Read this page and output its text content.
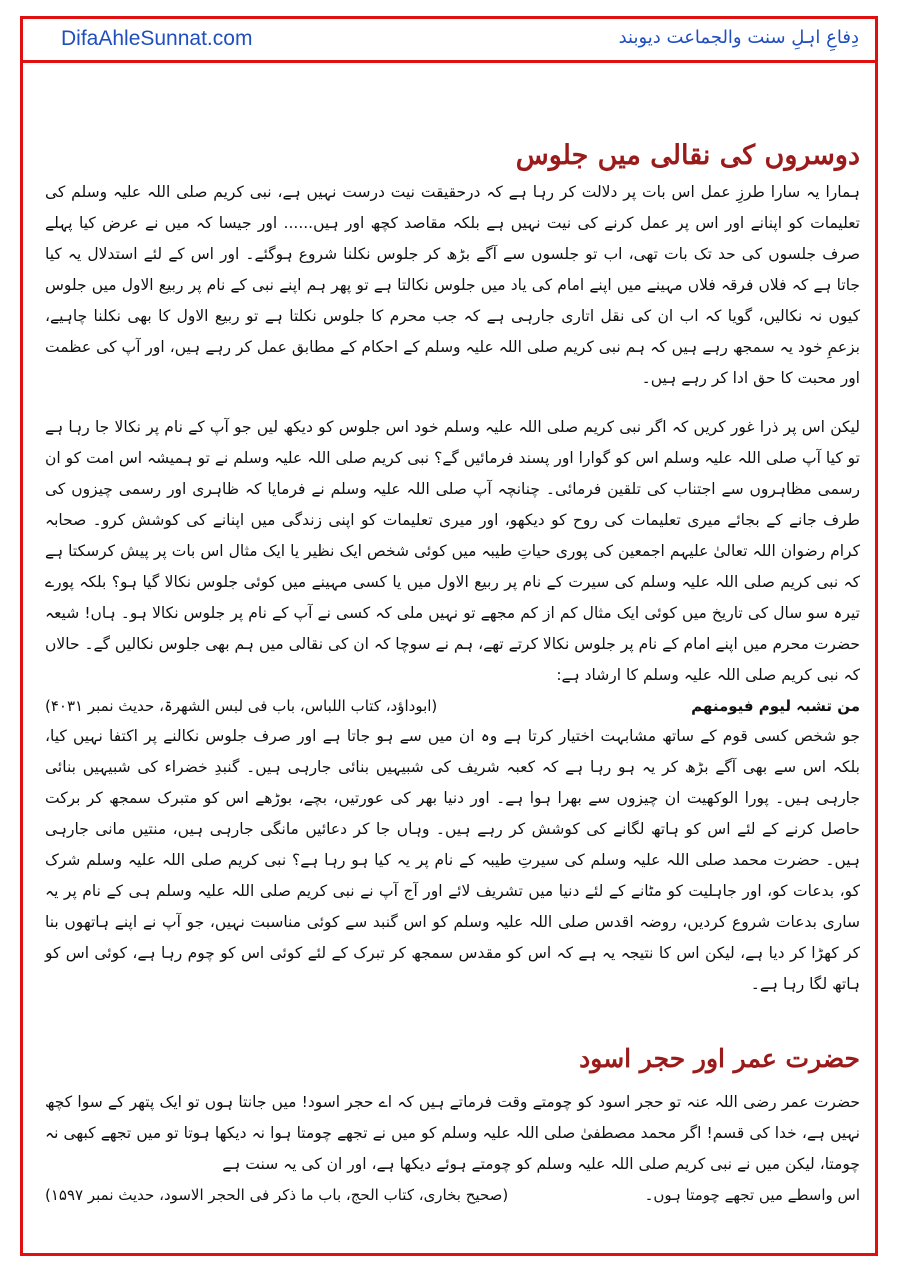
DifaAhleSunnat.com	دِفاعِ اہلِ سنت والجماعت دیوبند
دوسروں کی نقالی میں جلوس

ہمارا یہ سارا طرزِ عمل اس بات پر دلالت کر رہا ہے کہ درحقیقت نیت درست نہیں ہے، نبی کریم صلی اللہ علیہ وسلم کی تعلیمات کو اپنانے اور اس پر عمل کرنے کی نیت نہیں ہے بلکہ مقاصد کچھ اور ہیں...... اور جیسا کہ میں نے عرض کیا پہلے صرف جلسوں کی حد تک بات تھی، اب تو جلسوں سے آگے بڑھ کر جلوس نکلنا شروع ہوگئے۔ اور اس کے لئے استدلال یہ کیا جاتا ہے کہ فلاں فرقہ فلاں مہینے میں اپنے امام کی یاد میں جلوس نکالتا ہے تو پھر ہم اپنے نبی کے نام پر ربیع الاول میں جلوس کیوں نہ نکالیں، گویا کہ اب ان کی نقل اتاری جارہی ہے کہ جب محرم کا جلوس نکلتا ہے تو ربیع الاول کا بھی نکلنا چاہیے، بزعمِ خود یہ سمجھ رہے ہیں کہ ہم نبی کریم صلی اللہ علیہ وسلم کے احکام کے مطابق عمل کر رہے ہیں، اور آپ کی عظمت اور محبت کا حق ادا کر رہے ہیں۔

لیکن اس پر ذرا غور کریں کہ اگر نبی کریم صلی اللہ علیہ وسلم خود اس جلوس کو دیکھ لیں جو آپ کے نام پر نکالا جا رہا ہے تو کیا آپ صلی اللہ علیہ وسلم اس کو گوارا اور پسند فرمائیں گے؟ نبی کریم صلی اللہ علیہ وسلم نے تو ہمیشہ اس امت کو ان رسمی مظاہروں سے اجتناب کی تلقین فرمائی۔ چنانچہ آپ صلی اللہ علیہ وسلم نے فرمایا کہ ظاہری اور رسمی چیزوں کی طرف جانے کے بجائے میری تعلیمات کی روح کو دیکھو، اور میری تعلیمات کو اپنی زندگی میں اپنانے کی کوشش کرو۔ صحابہ کرام رضوان اللہ تعالیٰ علیہم اجمعین کی پوری حیاتِ طیبہ میں کوئی شخص ایک نظیر یا ایک مثال اس بات پر پیش کرسکتا ہے کہ نبی کریم صلی اللہ علیہ وسلم کی سیرت کے نام پر ربیع الاول میں یا کسی مہینے میں کوئی جلوس نکالا گیا ہو؟ بلکہ پورے تیرہ سو سال کی تاریخ میں کوئی ایک مثال کم از کم مجھے تو نہیں ملی کہ کسی نے آپ کے نام پر جلوس نکالا ہو۔ ہاں! شیعہ حضرت محرم میں اپنے امام کے نام پر جلوس نکالا کرتے تھے، ہم نے سوچا کہ ان کی نقالی میں ہم بھی جلوس نکالیں گے۔ حالاں کہ نبی کریم صلی اللہ علیہ وسلم کا ارشاد ہے:

من تشبہ لیوم فیومنھم
(ابوداؤد، کتاب اللباس، باب فی لبس الشھرۃ، حدیث نمبر ۴۰۳۱)

جو شخص کسی قوم کے ساتھ مشابہت اختیار کرتا ہے وہ ان میں سے ہو جاتا ہے اور صرف جلوس نکالنے پر اکتفا نہیں کیا، بلکہ اس سے بھی آگے بڑھ کر یہ ہو رہا ہے کہ کعبہ شریف کی شبیہیں بنائی جارہی ہیں۔ گنبدِ خضراء کی شبیہیں بنائی جارہی ہیں۔ پورا الوکھیت ان چیزوں سے بھرا ہوا ہے۔ اور دنیا بھر کی عورتیں، بچے، بوڑھے اس کو متبرک سمجھ کر برکت حاصل کرنے کے لئے اس کو ہاتھ لگانے کی کوشش کر رہے ہیں۔ وہاں جا کر دعائیں مانگی جارہی ہیں، منتیں مانی جارہی ہیں۔ حضرت محمد صلی اللہ علیہ وسلم کی سیرتِ طیبہ کے نام پر یہ کیا ہو رہا ہے؟ نبی کریم صلی اللہ علیہ وسلم شرک کو، بدعات کو، اور جاہلیت کو مٹانے کے لئے دنیا میں تشریف لائے اور آج آپ نے نبی کریم صلی اللہ علیہ وسلم ہی کے نام پر یہ ساری بدعات شروع کردیں، روضہ اقدس صلی اللہ علیہ وسلم کو اس گنبد سے کوئی مناسبت نہیں، جو آپ نے اپنے ہاتھوں بنا کر کھڑا کر دیا ہے، لیکن اس کا نتیجہ یہ ہے کہ اس کو مقدس سمجھ کر تبرک کے لئے کوئی اس کو چوم رہا ہے، کوئی اس کو ہاتھ لگا رہا ہے۔

حضرت عمر اور حجر اسود

حضرت عمر رضی اللہ عنہ تو حجر اسود کو چومتے وقت فرماتے ہیں کہ اے حجر اسود! میں جانتا ہوں تو ایک پتھر کے سوا کچھ نہیں ہے، خدا کی قسم! اگر محمد مصطفیٰ صلی اللہ علیہ وسلم کو میں نے تجھے چومتا ہوا نہ دیکھا ہوتا تو میں تجھے کبھی نہ چومتا، لیکن میں نے نبی کریم صلی اللہ علیہ وسلم کو چومتے ہوئے دیکھا ہے، اور ان کی یہ سنت ہے

اس واسطے میں تجھے چومتا ہوں۔
(صحیح بخاری، کتاب الحج، باب ما ذکر فی الحجر الاسود، حدیث نمبر ۱۵۹۷)
